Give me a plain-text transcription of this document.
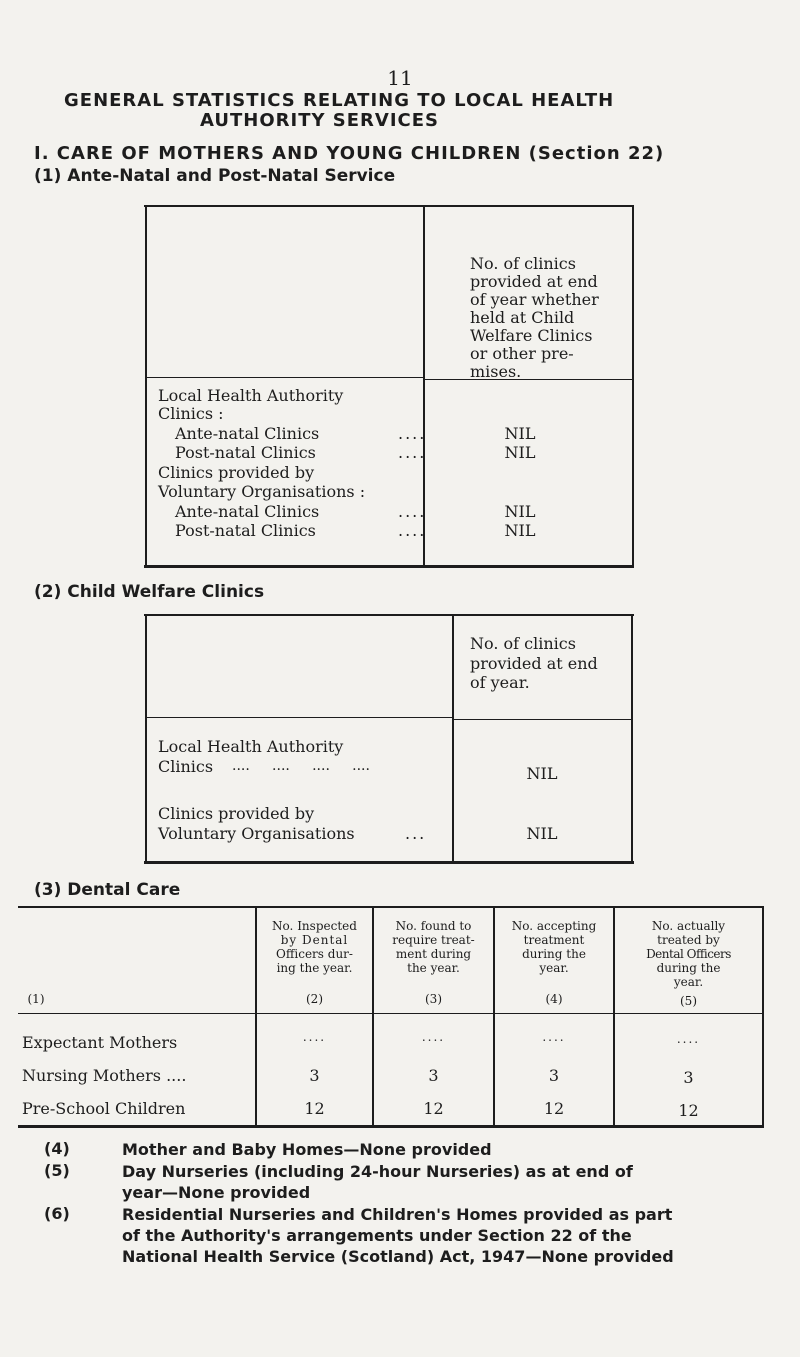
11
GENERAL STATISTICS RELATING TO LOCAL HEALTH
AUTHORITY SERVICES
I. CARE OF MOTHERS AND YOUNG CHILDREN (Section 22)
(1) Ante-Natal and Post-Natal Service
No. of clinics
provided at end
of year whether
held at Child
Welfare Clinics
or other pre-
mises.
Local Health Authority
Clinics :
Ante-natal Clinics	....	NIL
Post-natal Clinics	....	NIL
Clinics provided by
Voluntary Organisations :
Ante-natal Clinics	....	NIL
Post-natal Clinics	....	NIL
(2) Child Welfare Clinics
No. of clinics
provided at end
of year.
Local Health Authority
Clinics ....     ....     ....     ....	NIL
Clinics provided by
Voluntary Organisations	...	NIL
(3) Dental Care
(1)
No. Inspected
by Dental
Officers dur-
ing the year.
(2)
No. found to
require treat-
ment during
the year.
(3)
No. accepting
treatment
during the
year.
(4)
No. actually
treated by
Dental Officers
during the
year.
(5)
Expectant Mothers	....	....	....	....
Nursing Mothers ....	3	3	3	3
Pre-School Children	12	12	12	12
(4)	Mother and Baby Homes—None provided
(5)	Day Nurseries (including 24-hour Nurseries) as at end of
year—None provided
(6)	Residential Nurseries and Children's Homes provided as part
of the Authority's arrangements under Section 22 of the
National Health Service (Scotland) Act, 1947—None provided
